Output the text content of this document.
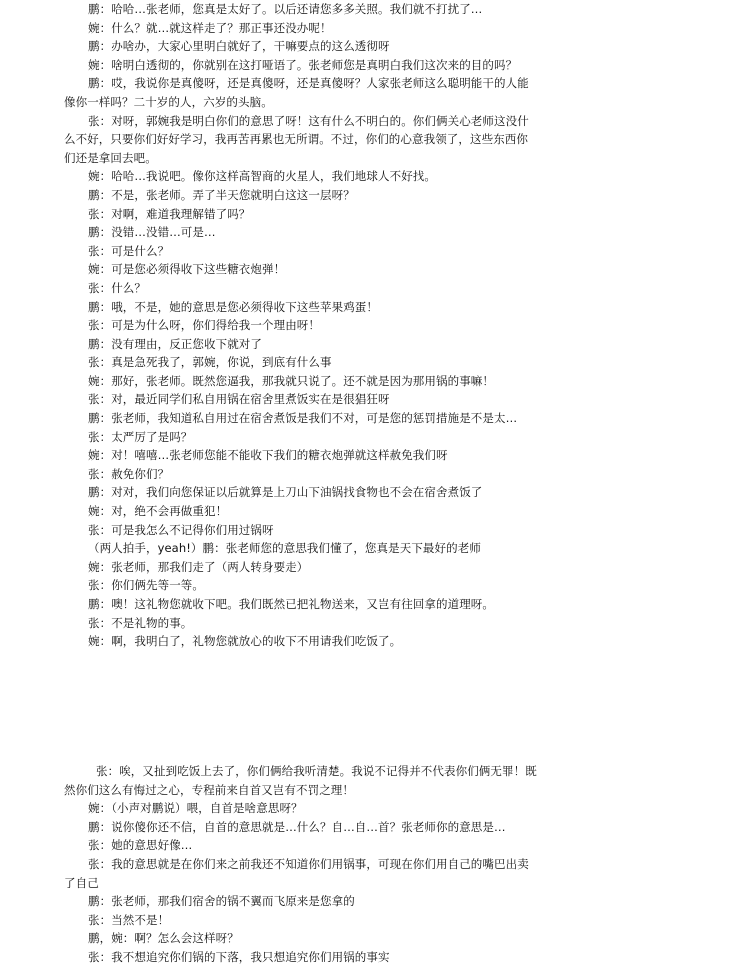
鹏：哈哈…张老师，您真是太好了。以后还请您多多关照。我们就不打扰了…
婉：什么？就…就这样走了？那正事还没办呢！
鹏：办啥办，大家心里明白就好了，干嘛要点的这么透彻呀
婉：啥明白透彻的，你就别在这打哑语了。张老师您是真明白我们这次来的目的吗？
鹏：哎，我说你是真傻呀，还是真傻呀，还是真傻呀？人家张老师这么聪明能干的人能
像你一样吗？二十岁的人，六岁的头脑。
张：对呀，郭婉我是明白你们的意思了呀！这有什么不明白的。你们俩关心老师这没什
么不好，只要你们好好学习，我再苦再累也无所谓。不过，你们的心意我领了，这些东西你
们还是拿回去吧。
婉：哈哈…我说吧。像你这样高智商的火星人，我们地球人不好找。
鹏：不是，张老师。弄了半天您就明白这这一层呀？
张：对啊，难道我理解错了吗？
鹏：没错…没错…可是…
张：可是什么？
婉：可是您必须得收下这些糖衣炮弹！
张：什么？
鹏：哦，不是，她的意思是您必须得收下这些苹果鸡蛋！
张：可是为什么呀，你们得给我一个理由呀！
鹏：没有理由，反正您收下就对了
张：真是急死我了，郭婉，你说，到底有什么事
婉：那好，张老师。既然您逼我，那我就只说了。还不就是因为那用锅的事嘛！
张：对，最近同学们私自用锅在宿舍里煮饭实在是很猖狂呀
鹏：张老师，我知道私自用过在宿舍煮饭是我们不对，可是您的惩罚措施是不是太…
张：太严厉了是吗？
婉：对！嘻嘻…张老师您能不能收下我们的糖衣炮弹就这样赦免我们呀
张：赦免你们？
鹏：对对，我们向您保证以后就算是上刀山下油锅找食物也不会在宿舍煮饭了
婉：对，绝不会再做重犯！
张：可是我怎么不记得你们用过锅呀
（两人拍手，yeah!）鹏：张老师您的意思我们懂了，您真是天下最好的老师
婉：张老师，那我们走了（两人转身要走）
张：你们俩先等一等。
鹏：噢！这礼物您就收下吧。我们既然已把礼物送来，又岂有往回拿的道理呀。
张：不是礼物的事。
婉：啊，我明白了，礼物您就放心的收下不用请我们吃饭了。
张：唉，又扯到吃饭上去了，你们俩给我听清楚。我说不记得并不代表你们俩无罪！既
然你们这么有悔过之心，专程前来自首又岂有不罚之理！
婉：（小声对鹏说）喂，自首是啥意思呀？
鹏：说你傻你还不信，自首的意思就是…什么？自…自…首？张老师你的意思是…
张：她的意思好像…
张：我的意思就是在你们来之前我还不知道你们用锅事，可现在你们用自己的嘴巴出卖
了自己
鹏：张老师，那我们宿舍的锅不翼而飞原来是您拿的
张：当然不是！
鹏，婉：啊？怎么会这样呀？
张：我不想追究你们锅的下落，我只想追究你们用锅的事实
